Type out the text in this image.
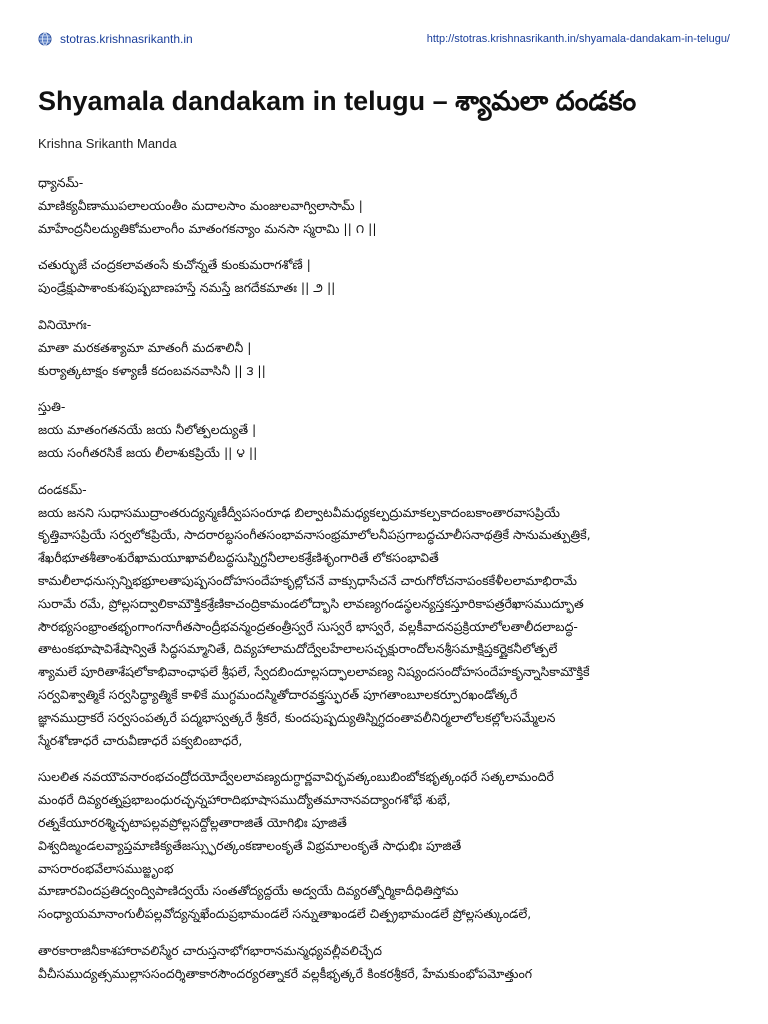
stotras.krishnasrikanth.in	http://stotras.krishnasrikanth.in/shyamala-dandakam-in-telugu/
Shyamala dandakam in telugu – శ్యామలా దండకం
Krishna Srikanth Manda
ధ్యానమ్-
మాణిక్యవీణాముపలాలయంతీం మదాలసాం మంజులవాగ్విలాసామ్ |
మాహేంద్రనీలద్యుతికోమలాంగీం మాతంగకన్యాం మనసా స్మరామి || ౧ ||
చతుర్భుజే చంద్రకలావతంసే కుచోన్నతే కుంకుమరాగశోణే |
పుండ్రేక్షుపాశాంకుశపుష్పబాణహస్తే నమస్తే జగదేకమాతః || ౨ ||
వినియోగః-
మాతా మరకతశ్యామా మాతంగీ మదశాలినీ |
కుర్యాత్కటాక్షం కళ్యాణీ కదంబవనవాసినీ || ౩ ||
స్తుతి-
జయ మాతంగతనయే జయ నీలోత్పలద్యుతే |
జయ సంగీతరసికే జయ లీలాశుకప్రియే || ౪ ||
దండకమ్-
జయ జనని సుధాసముద్రాంతరుద్యన్మణీద్వీపసంరూఢ బిల్వాటవీమధ్యకల్పద్రుమాకల్పకాదంబకాంతారవాసప్రియే
కృత్తివాసప్రియే సర్వలోకప్రియే, సాదరారబ్ధసంగీతసంభావనాసంభ్రమాలోలనీపస్రగాబద్ధచూలీసనాథత్రికే సానుమత్పుత్రికే,
శేఖరీభూతశీతాంశురేఖామయూఖావలీబద్ధసుస్నిగ్ధనీలాలకశ్రేణిశృంగారితే లోకసంభావితే
కామలీలాధనుస్సన్నిభభ్రూలతాపుష్పసందోహసందేహకృల్లోచనే వాక్సుధాసేచనే చారుగోరోచనాపంకకేళీలలామాభిరామే
సురామే రమే, ప్రోల్లసద్వాలికామౌక్తికశ్రేణికాచంద్రికామండలోద్భాసి లావణ్యగండస్థలన్యస్తకస్తూరికాపత్రరేఖాసముద్భూత
సౌరభ్యసంభ్రాంతభృంగాంగనాగీతసాంద్రీభవన్మంద్రతంత్రీస్వరే సుస్వరే భాస్వరే, వల్లకీవాదనప్రక్రియాలోలతాలీదలాబద్ధ-
తాటంకభూషావిశేషాన్వితే సిద్ధసమ్మానితే, దివ్యహాలామదోద్వేలహేలాలసచ్చక్షురాందోలనశ్రీసమాక్షిప్తకర్ణైకనీలోత్పలే
శ్యామలే పూరితాశేషలోకాభివాంఛాఫలే శ్రీఫలే, స్వేదబిందూల్లసద్ఫాలలావణ్య నిష్యందసందోహసందేహకృన్నాసికామౌక్తికే
సర్వవిశ్వాత్మికే సర్వసిద్ధ్యాత్మికే కాళికే ముగ్ధమందస్మితోదారవక్త్రస్ఫురత్ పూగతాంబూలకర్పూరఖండోత్కరే
జ్ఞానముద్రాకరే సర్వసంపత్కరే పద్మభాస్వత్కరే శ్రీకరే, కుందపుష్పద్యుతిస్నిగ్ధదంతావలీనిర్మలాలోలకల్లోలసమ్మేలన
స్మేరశోణాధరే చారువీణాధరే పక్వబింబాధరే,
సులలిత నవయౌవనారంభచంద్రోదయోద్వేలలావణ్యదుగ్ధార్ణవావిర్భవత్కంబుబింబోకభృత్కంథరే సత్కలామందిరే
మంథరే దివ్యరత్నప్రభాబంధురచ్ఛన్నహారాదిభూషాసముద్యోతమానానవద్యాంగశోభే శుభే,
రత్నకేయూరరశ్మిచ్ఛటాపల్లవప్రోల్లసద్దోల్లతారాజితే యోగిభిః పూజితే
విశ్వదిఙ్మండలవ్యాప్తమాణిక్యతేజస్స్ఫురత్కంకణాలంకృతే విభ్రమాలంకృతే సాధుభిః పూజితే
వాసరారంభవేలాసముజ్జృంభ
మాణారవిందప్రతిద్వంద్విపాణిద్వయే సంతతోద్యద్దయే అద్వయే దివ్యరత్నోర్మికాదీధితిస్తోమ
సంధ్యాయమానాంగులీపల్లవోద్యన్నఖేందుప్రభామండలే సన్నుతాఖండలే చిత్ప్రభామండలే ప్రోల్లసత్కుండలే,
తారకారాజినీకాశహారావలిస్మేర చారుస్తనాభోగభారానమన్మధ్యవల్లీవలిచ్ఛేద
వీచీసముద్యత్సముల్లాససందర్శితాకారసౌందర్యరత్నాకరే వల్లకీభృత్కరే కింకరశ్రీకరే, హేమకుంభోపమోత్తుంగ
